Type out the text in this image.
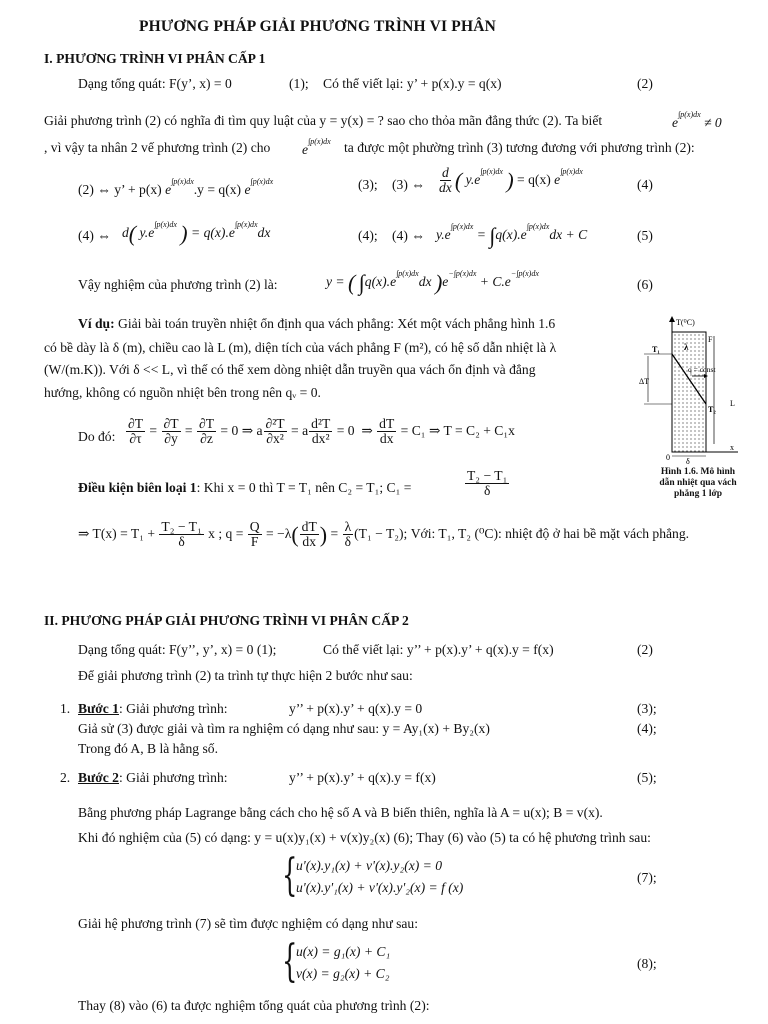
PHƯƠNG PHÁP GIẢI PHƯƠNG TRÌNH VI PHÂN
I. PHƯƠNG TRÌNH VI PHÂN CẤP 1
Dạng tổng quát: F(y’, x) = 0	(1); Có thể viết lại: y’ + p(x).y = q(x)	(2)
Giải phương trình (2) có nghĩa đi tìm quy luật của y = y(x) = ? sao cho thỏa mãn đẳng thức (2). Ta biết	$e^{\int p(x)dx} \ne 0$
, vì vậy ta nhân 2 vế phương trình (2) cho $e^{\int p(x)dx}$ ta được một phường trình (3) tương đương với phương trình (2):
(2) ⇔ y’ + p(x) $e^{\int p(x)dx}.y = q(x)$ $e^{\int p(x)dx}$	(3); (3) ⇔ $\frac{d}{dx}$ ( $y.e^{\int p(x)dx}$ ) = q(x) $e^{\int p(x)dx}$
(4)
(4) ⇔ d( $y.e^{\int p(x)dx}$ ) = $q(x).e^{\int p(x)dx}dx$	(4); (4) ⇔ $y.e^{\int p(x)dx} = \int q(x).e^{\int p(x)dx}dx + C$	(5)
Vậy nghiệm của phương trình (2) là:	y = ( $\int q(x).e^{\int p(x)dx}dx$ )$e^{-\int p(x)dx} + C.e^{-\int p(x)dx}$
(6)
Ví dụ: Giải bài toán truyền nhiệt ổn định qua vách phẳng: Xét một vách phẳng hình 1.6
có bề dày là δ (m), chiều cao là L (m), diện tích của vách phẳng F (m²), có hệ số dẫn nhiệt là λ
(W/(m.K)). Với δ << L, vì thế có thể xem dòng nhiệt dẫn truyền qua vách ổn định và đẳng
hướng, không có nguồn nhiệt bên trong nên qᵥ = 0.
T(⁰C)
T₁
T₂
ΔT
λ
F
q = const
L
0
x
δ
Hình 1.6. Mô hình
dẫn nhiệt qua vách
phẳng 1 lớp
Do đó: $\frac{\partial T}{\partial\tau} = \frac{\partial T}{\partial y} = \frac{\partial T}{\partial z} = 0$ ⇒ a $\frac{\text{∂²T}}{\text{∂x²}} = a \frac{\text{d²T}}{\text{dx²}} = 0$  ⇒ $\frac{dT}{dx} = C_1$ ⇒ T = C₂ + C₁x
Điều kiện biên loại 1: Khi x = 0 thì T = T₁ nên C₂ = T₁; C₁ =	$\frac{\text{T₂ − T₁}}{\delta}$
⇒ $T(x) = T_1 + \frac{\text{T₂ − T₁}}{\delta}$ x ; $q = \frac{Q}{F} = -\lambda( \frac{dT}{dx}$ ) = $\frac{\lambda}{\delta} (T_1 - T_2)$; Với: T₁, T₂ (⁰C): nhiệt độ ở hai bề mặt vách phẳng.
II. PHƯƠNG PHÁP GIẢI PHƯƠNG TRÌNH VI PHÂN CẤP 2
Dạng tổng quát: F(y’’, y’, x) = 0 (1);	Có thể viết lại: y’’ + p(x).y’ + q(x).y = f(x)	(2)
Để giải phương trình (2) ta trình tự thực hiện 2 bước như sau:
1. Bước 1: Giải phương trình:	y’’ + p(x).y’ + q(x).y = 0	(3);
Giả sử (3) được giải và tìm ra nghiệm có dạng như sau: y = Ay₁(x) + By₂(x)	(4);
Trong đó A, B là hằng số.
2. Bước 2: Giải phương trình:	y’’ + p(x).y’ + q(x).y = f(x)	(5);
Bằng phương pháp Lagrange bằng cách cho hệ số A và B biến thiên, nghĩa là A = u(x); B = v(x).
Khi đó nghiệm của (5) có dạng: y = u(x)y₁(x) + v(x)y₂(x) (6); Thay (6) vào (5) ta có hệ phương trình sau:
{
u'(x).y₁(x) + v'(x).y₂(x) = 0
u'(x).y'₁(x) + v'(x).y'₂(x) = f (x)
(7);
Giải hệ phương trình (7) sẽ tìm được nghiệm có dạng như sau:
{
u(x) = g₁(x) + C₁
v(x) = g₂(x) + C₂
(8);
Thay (8) vào (6) ta được nghiệm tổng quát của phương trình (2):
